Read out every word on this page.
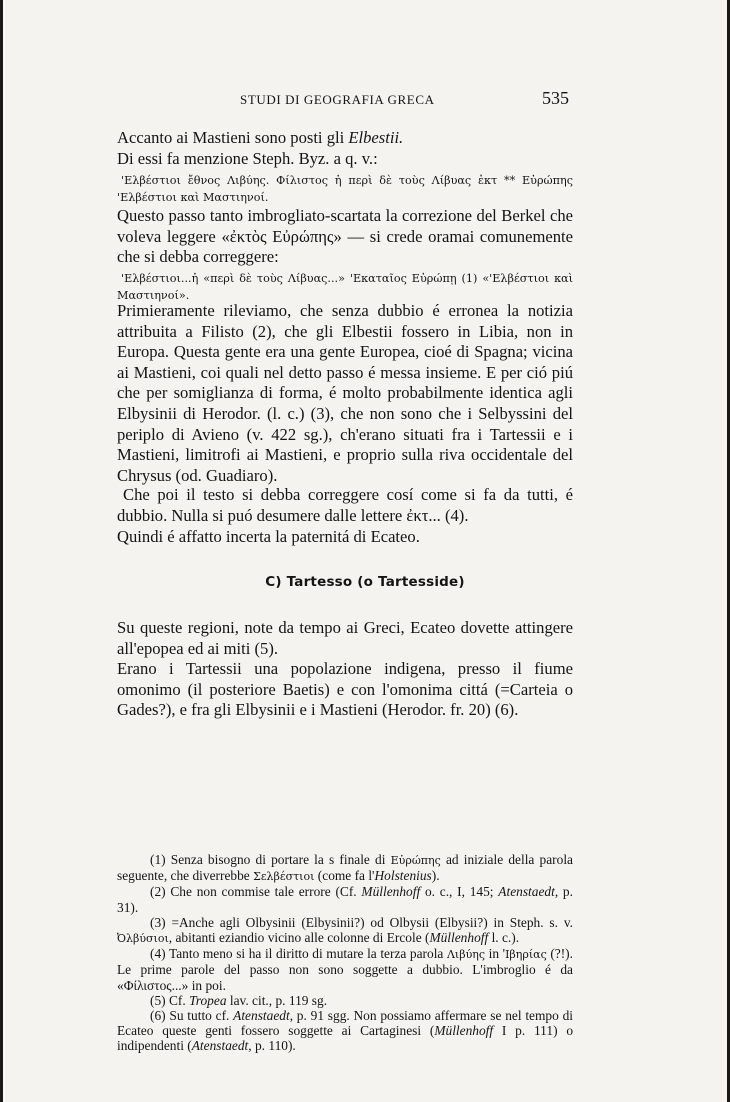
STUDI DI GEOGRAFIA GRECA	535

Accanto ai Mastieni sono posti gli Elbestii.

Di essi fa menzione Steph. Byz. a q. v.:

'Ελβέστιοι ἔθνος Λιβύης. Φίλιστος ἡ περὶ δὲ τοὺς Λίβυας ἐκτ ** Εὐρώπης 'Ελβέστιοι καὶ Μαστιηνοί.
Questo passo tanto imbrogliato-scartata la correzione del Berkel che voleva leggere «ἐκτὸς Εὐρώπης» — si crede oramai comunemente che si debba correggere:
'Ελβέστιοι...ἡ «περὶ δὲ τοὺς Λίβυας...» 'Εκαταῖος Εὐρώπῃ (1) «'Ελβέστιοι καὶ Μαστιηνοί».
Primieramente rileviamo, che senza dubbio é erronea la notizia attribuita a Filisto (2), che gli Elbestii fossero in Libia, non in Europa. Questa gente era una gente Europea, cioé di Spagna; vicina ai Mastieni, coi quali nel detto passo é messa insieme. E per ció piú che per somiglianza di forma, é molto probabilmente identica agli Elbysinii di Herodor. (l. c.) (3), che non sono che i Selbyssini del periplo di Avieno (v. 422 sg.), ch'erano situati fra i Tartessii e i Mastieni, limitrofi ai Mastieni, e proprio sulla riva occidentale del Chrysus (od. Guadiaro).
Che poi il testo si debba correggere cosí come si fa da tutti, é dubbio. Nulla si puó desumere dalle lettere ἐκτ... (4).
Quindi é affatto incerta la paternitá di Ecateo.
C) Tartesso (o Tartesside)
Su queste regioni, note da tempo ai Greci, Ecateo dovette attingere all'epopea ed ai miti (5).
Erano i Tartessii una popolazione indigena, presso il fiume omonimo (il posteriore Baetis) e con l'omonima cittá (=Carteia o Gades?), e fra gli Elbysinii e i Mastieni (Herodor. fr. 20) (6).

(1) Senza bisogno di portare la s finale di Εὐρώπης ad iniziale della parola seguente, che diverrebbe Σελβέστιοι (come fa l'Holstenius).

(2) Che non commise tale errore (Cf. Müllenhoff o. c., I, 145; Atenstaedt, p. 31).

(3) =Anche agli Olbysinii (Elbysinii?) od Olbysii (Elbysii?) in Steph. s. v. Ὀλβύσιοι, abitanti eziandio vicino alle colonne di Ercole (Müllenhoff l. c.).

(4) Tanto meno si ha il diritto di mutare la terza parola Λιβύης in 'Ιβηρίας (?!). Le prime parole del passo non sono soggette a dubbio. L'imbroglio é da «Φίλιστος...» in poi.

(5) Cf. Tropea lav. cit., p. 119 sg.

(6) Su tutto cf. Atenstaedt, p. 91 sgg. Non possiamo affermare se nel tempo di Ecateo queste genti fossero soggette ai Cartaginesi (Müllenhoff I p. 111) o indipendenti (Atenstaedt, p. 110).
